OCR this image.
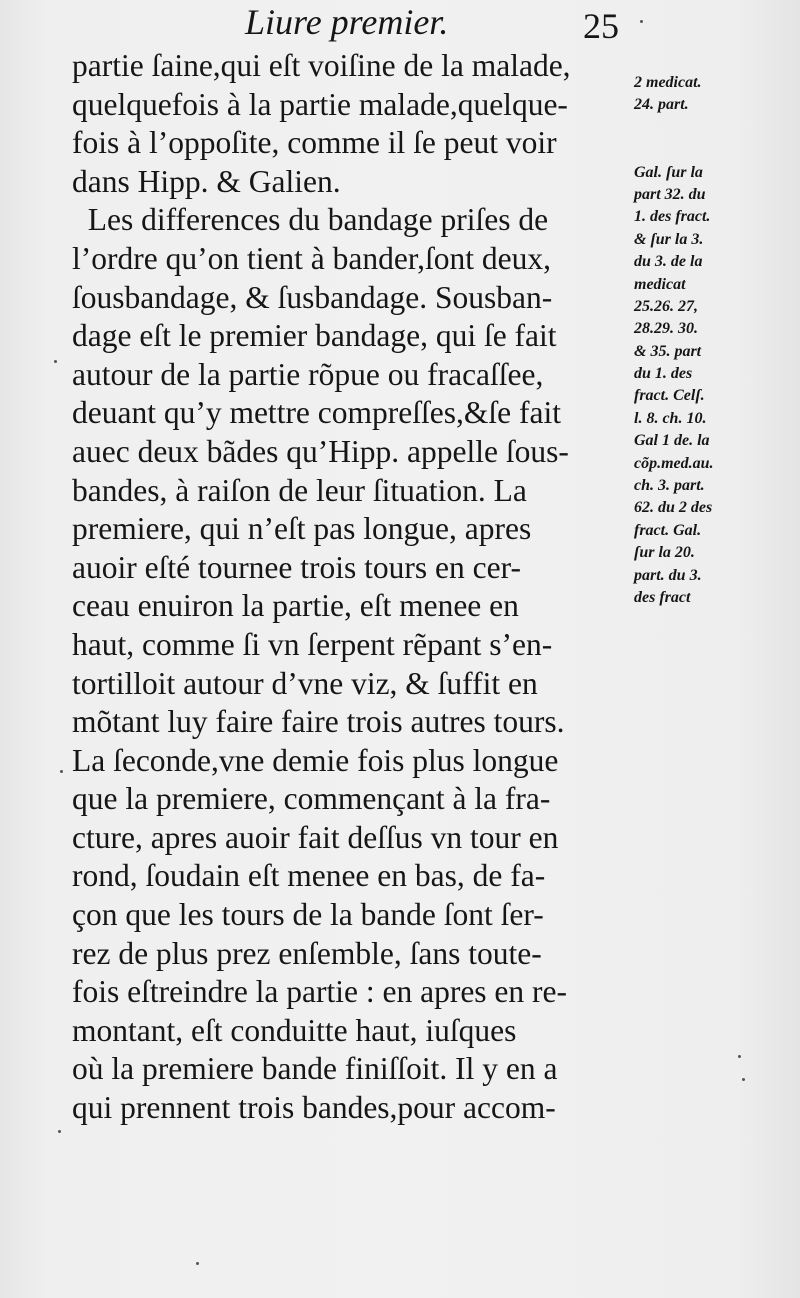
Liure premier.	25
partie ſaine,qui eſt voiſine de la malade,
quelquefois à la partie malade,quelque-
fois à l’oppoſite, comme il ſe peut voir
dans Hipp. & Galien.
Les differences du bandage priſes de
l’ordre qu’on tient à bander,ſont deux,
ſousbandage, & ſusbandage. Sousban-
dage eſt le premier bandage, qui ſe fait
autour de la partie rõpue ou fracaſſee,
deuant qu’y mettre compreſſes,&ſe fait
auec deux bãdes qu’Hipp. appelle ſous-
bandes, à raiſon de leur ſituation. La
premiere, qui n’eſt pas longue, apres
auoir eſté tournee trois tours en cer-
ceau enuiron la partie, eſt menee en
haut, comme ſi vn ſerpent rẽpant s’en-
tortilloit autour d’vne viz, & ſuffit en
mõtant luy faire faire trois autres tours.
La ſeconde,vne demie fois plus longue
que la premiere, commençant à la fra-
cture, apres auoir fait deſſus vn tour en
rond, ſoudain eſt menee en bas, de fa-
çon que les tours de la bande ſont ſer-
rez de plus prez enſemble, ſans toute-
fois eſtreindre la partie : en apres en re-
montant, eſt conduitte haut, iuſques
où la premiere bande finiſſoit. Il y en a
qui prennent trois bandes,pour accom-
2 medicat.
24. part.
Gal. ſur la
part 32. du
1. des fract.
& ſur la 3.
du 3. de la
medicat
25.26. 27,
28.29. 30.
& 35. part
du 1. des
fract. Celſ.
l. 8. ch. 10.
Gal 1 de. la
cõp.med.au.
ch. 3. part.
62. du 2 des
fract. Gal.
ſur la 20.
part. du 3.
des fract
